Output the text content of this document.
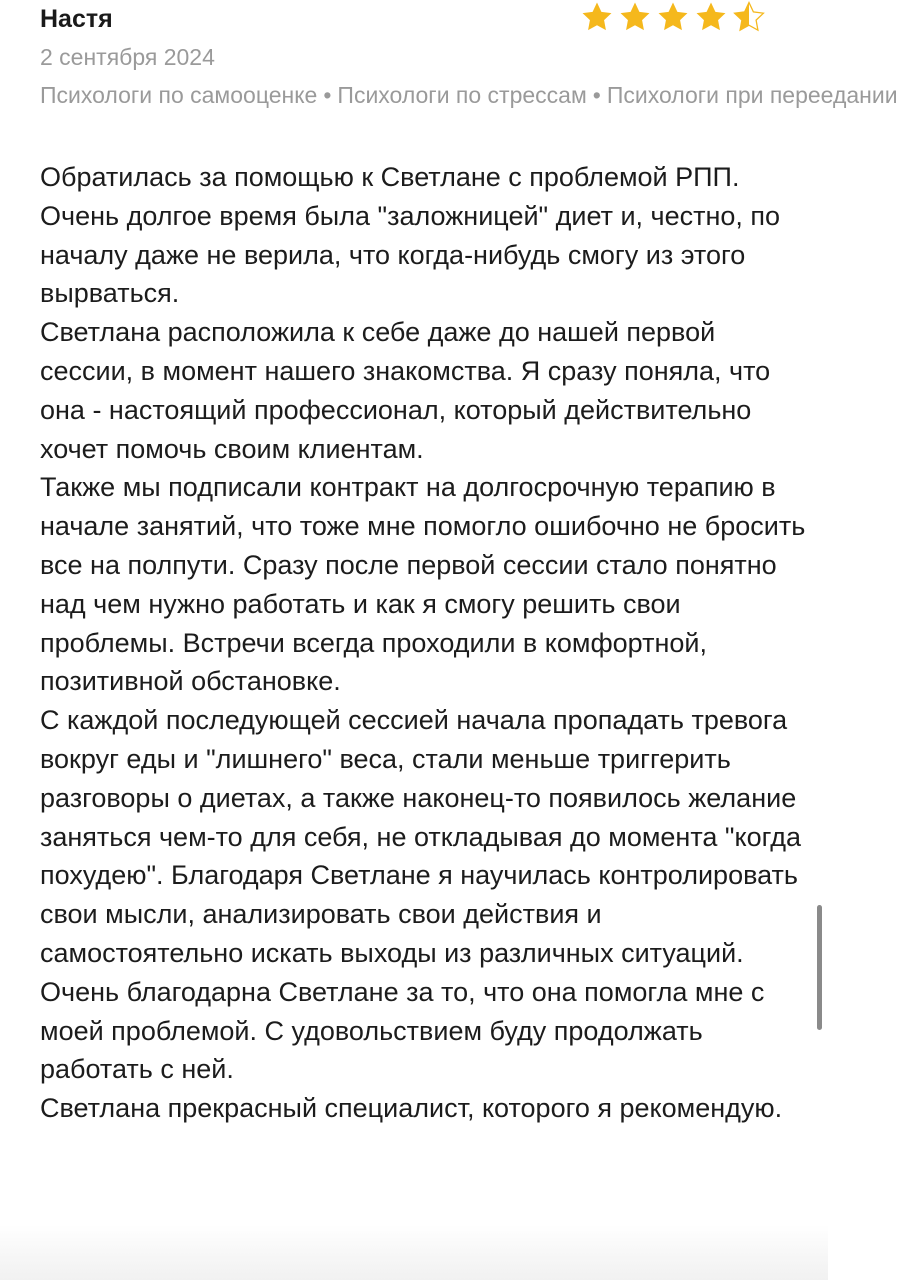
Настя
2 сентября 2024
Психологи по самооценке • Психологи по стрессам • Психологи при переедании
Обратилась за помощью к Светлане с проблемой РПП. Очень долгое время была "заложницей" диет и, честно, по началу даже не верила, что когда-нибудь смогу из этого вырваться.
Светлана расположила к себе даже до нашей первой сессии, в момент нашего знакомства. Я сразу поняла, что она - настоящий профессионал, который действительно хочет помочь своим клиентам.
Также мы подписали контракт на долгосрочную терапию в начале занятий, что тоже мне помогло ошибочно не бросить все на полпути. Сразу после первой сессии стало понятно над чем нужно работать и как я смогу решить свои проблемы. Встречи всегда проходили в комфортной, позитивной обстановке.
С каждой последующей сессией начала пропадать тревога вокруг еды и "лишнего" веса, стали меньше триггерить разговоры о диетах, а также наконец-то появилось желание заняться чем-то для себя, не откладывая до момента "когда похудею". Благодаря Светлане я научилась контролировать свои мысли, анализировать свои действия и самостоятельно искать выходы из различных ситуаций.
Очень благодарна Светлане за то, что она помогла мне с моей проблемой. С удовольствием буду продолжать работать с ней.
Светлана прекрасный специалист, которого я рекомендую.
